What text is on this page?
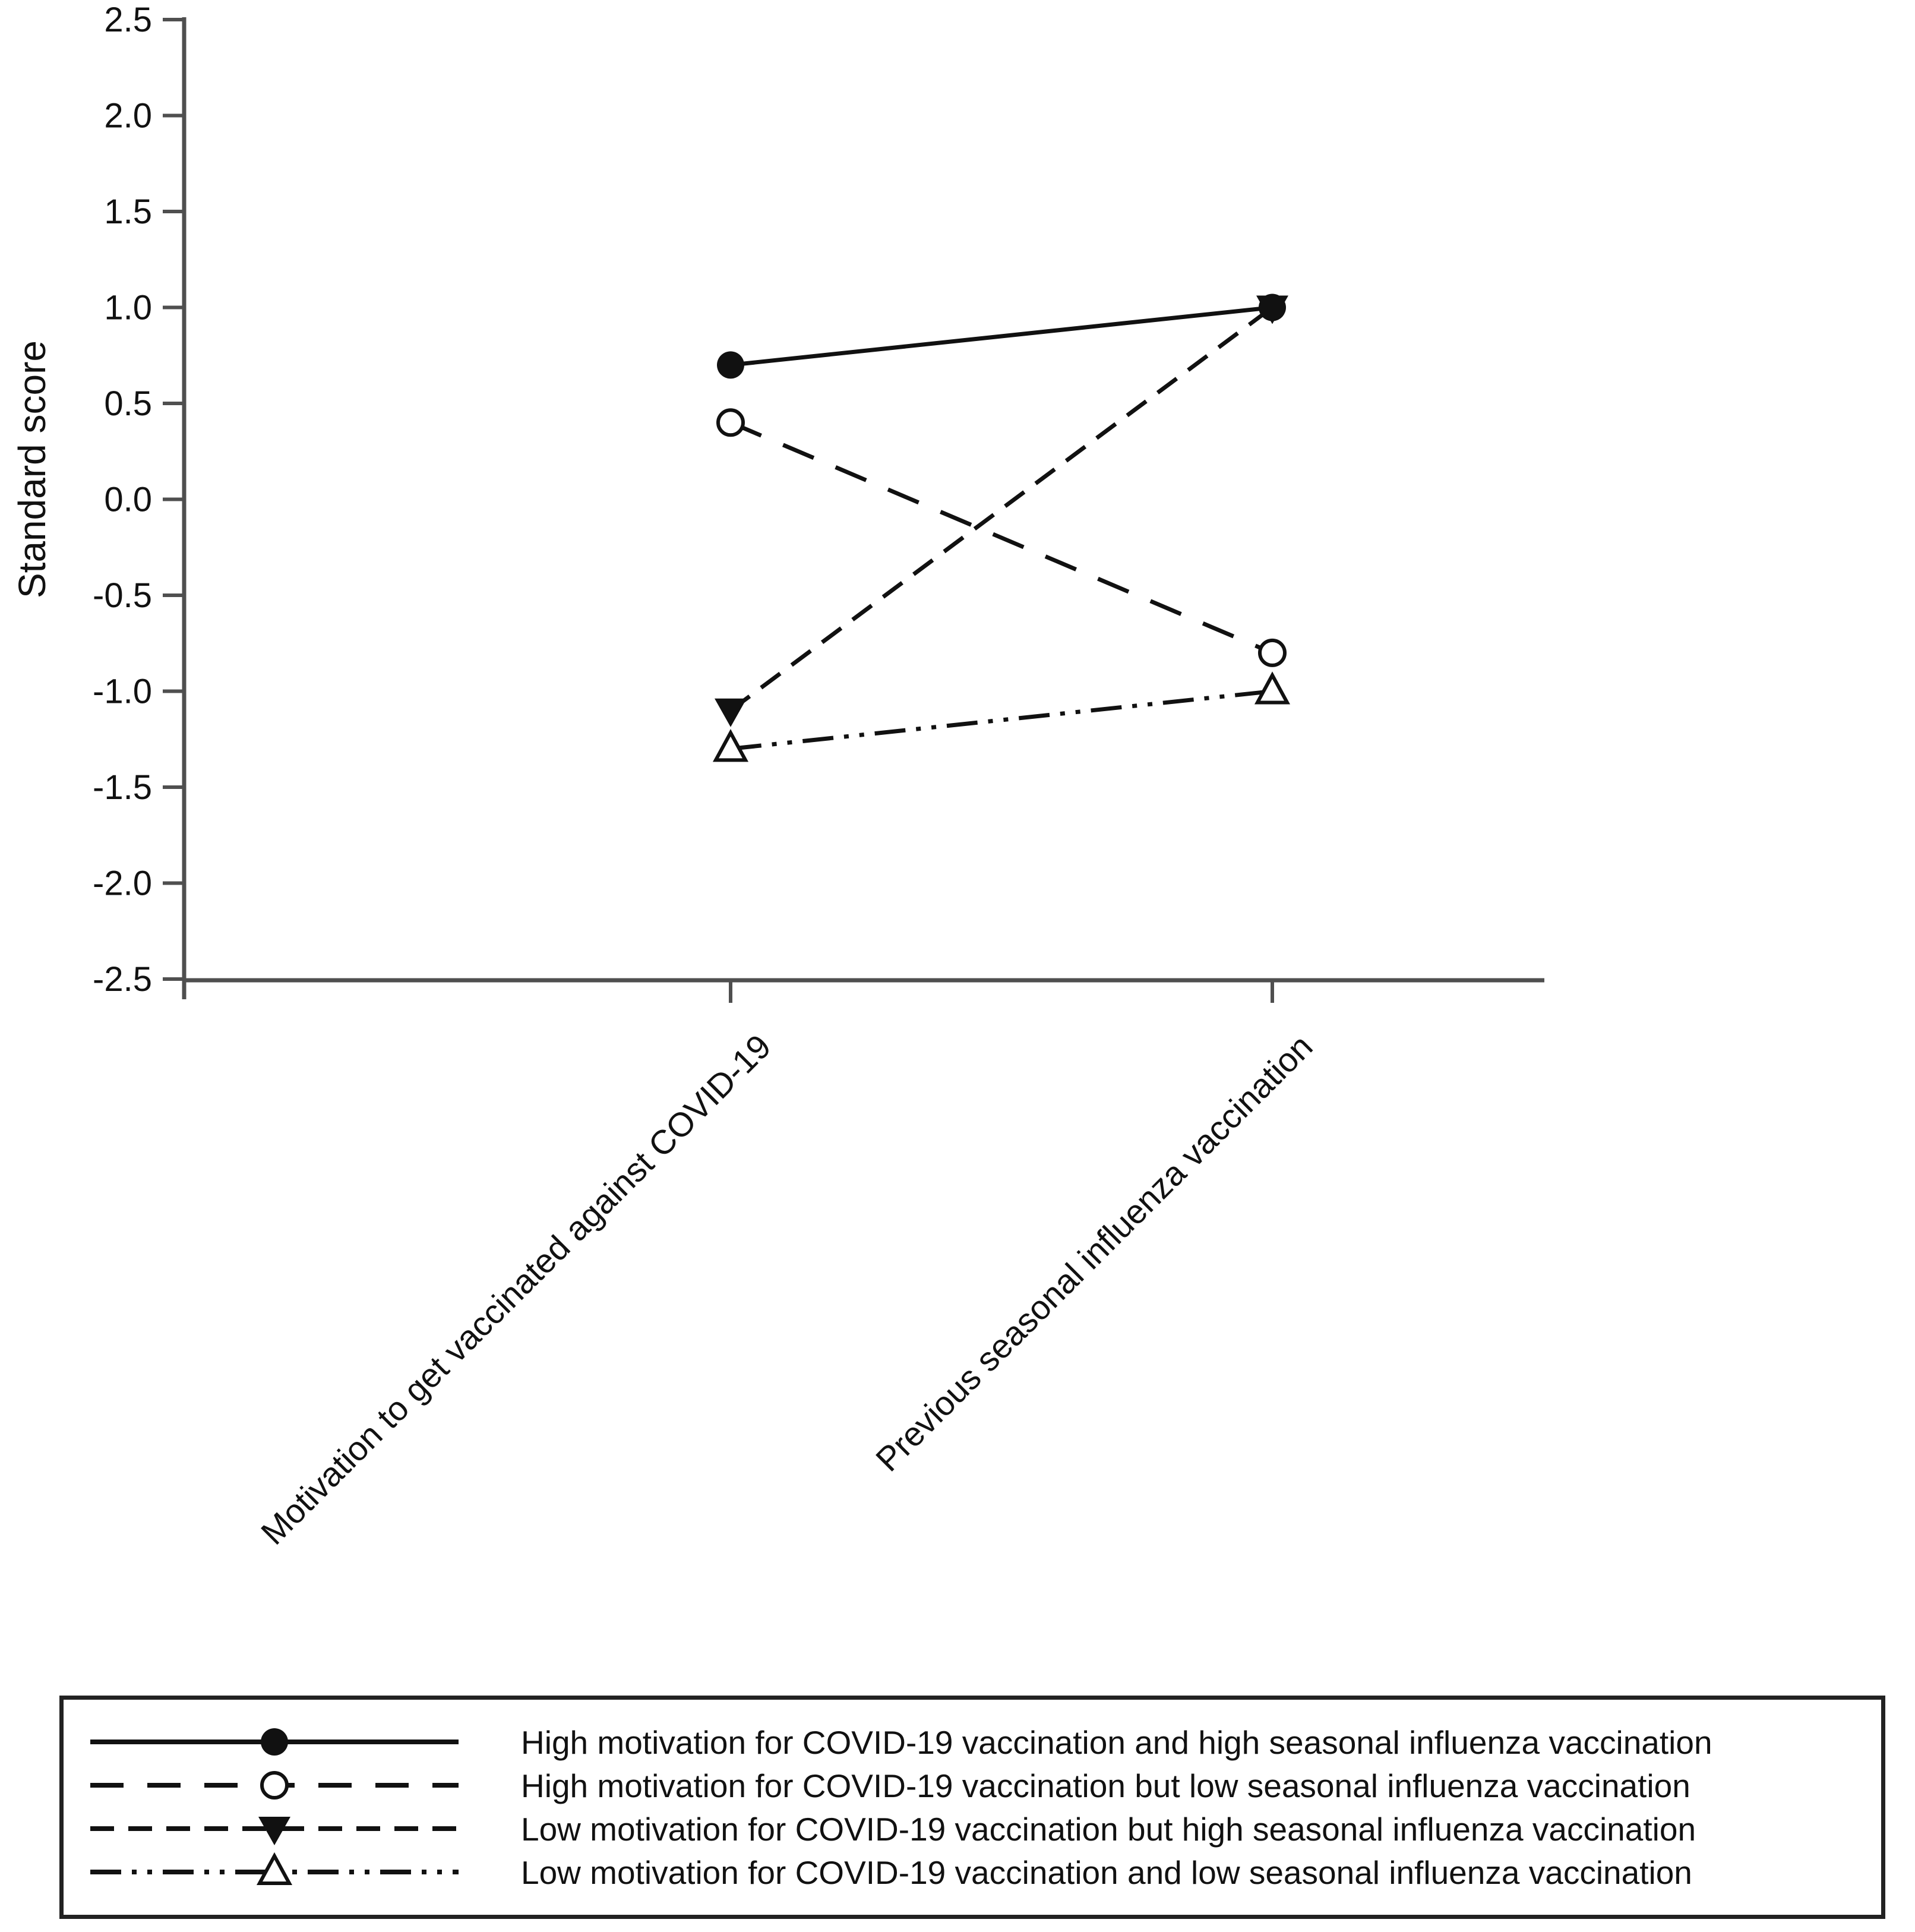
2.5
2.0
1.5
1.0
0.5
0.0
-0.5
-1.0
-1.5
-2.0
-2.5
Standard score
Motivation to get vaccinated against COVID-19	Previous seasonal influenza vaccination
High motivation for COVID-19 vaccination and high seasonal influenza vaccination
High motivation for COVID-19 vaccination but low seasonal influenza vaccination
Low motivation for COVID-19 vaccination but high seasonal influenza vaccination
Low motivation for COVID-19 vaccination and low seasonal influenza vaccination
